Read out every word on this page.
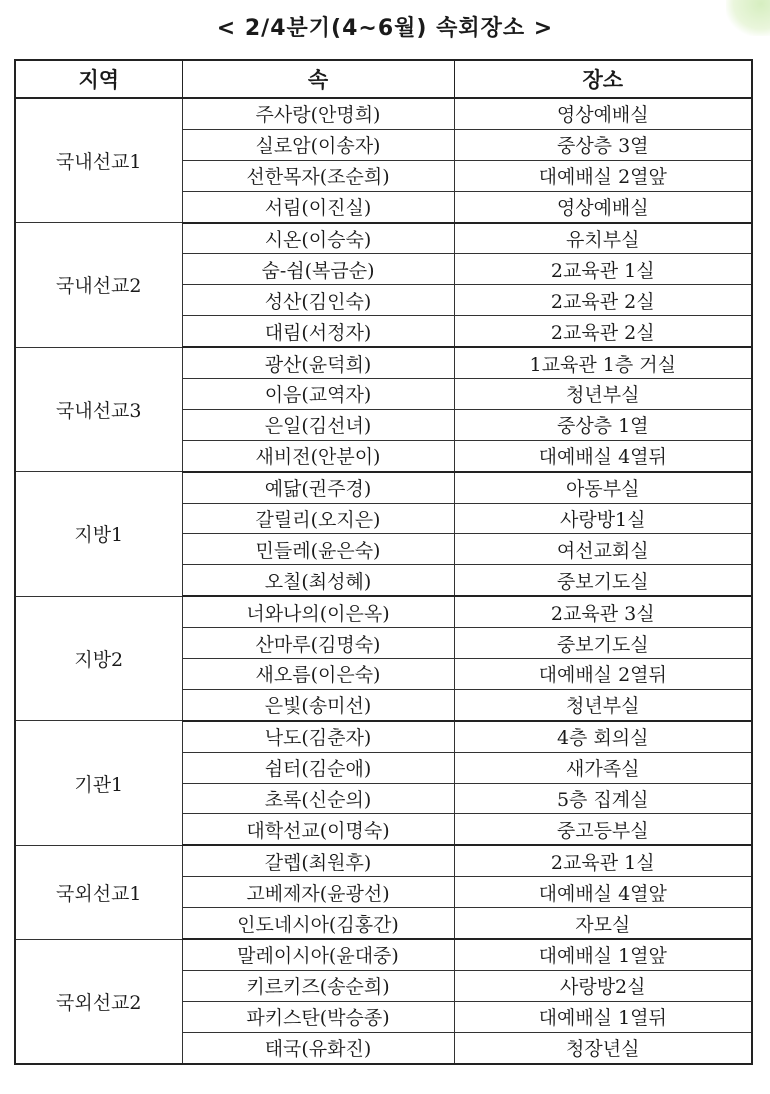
< 2/4분기(4~6월) 속회장소 >
지역	속	장소
국내선교1	주사랑(안명희)	영상예배실
	실로암(이송자)	중상층 3열
	선한목자(조순희)	대예배실 2열앞
	서림(이진실)	영상예배실
국내선교2	시온(이승숙)	유치부실
	숨-쉼(복금순)	2교육관 1실
	성산(김인숙)	2교육관 2실
	대림(서정자)	2교육관 2실
국내선교3	광산(윤덕희)	1교육관 1층 거실
	이음(교역자)	청년부실
	은일(김선녀)	중상층 1열
	새비전(안분이)	대예배실 4열뒤
지방1	예닮(권주경)	아동부실
	갈릴리(오지은)	사랑방1실
	민들레(윤은숙)	여선교회실
	오칠(최성혜)	중보기도실
지방2	너와나의(이은옥)	2교육관 3실
	산마루(김명숙)	중보기도실
	새오름(이은숙)	대예배실 2열뒤
	은빛(송미선)	청년부실
기관1	낙도(김춘자)	4층 회의실
	쉼터(김순애)	새가족실
	초록(신순의)	5층 집계실
	대학선교(이명숙)	중고등부실
국외선교1	갈렙(최원후)	2교육관 1실
	고베제자(윤광선)	대예배실 4열앞
	인도네시아(김홍간)	자모실
국외선교2	말레이시아(윤대중)	대예배실 1열앞
	키르키즈(송순희)	사랑방2실
	파키스탄(박승종)	대예배실 1열뒤
	태국(유화진)	청장년실
